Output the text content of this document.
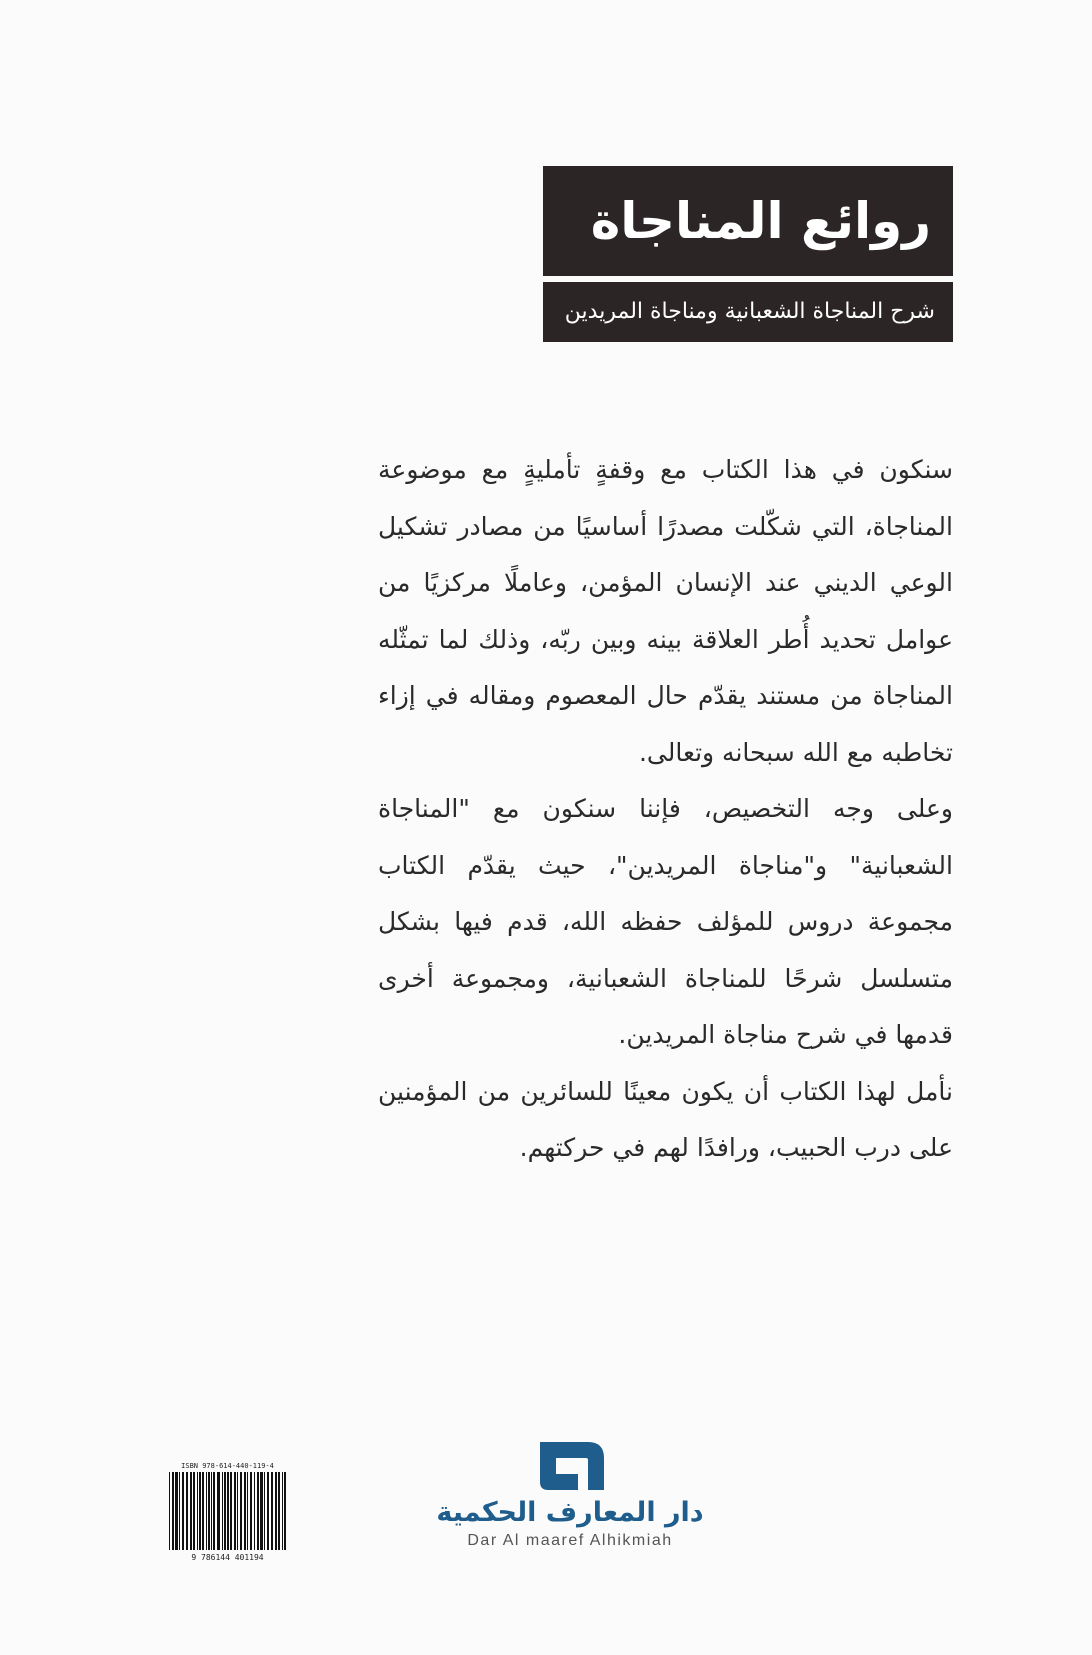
روائع المناجاة
شرح المناجاة الشعبانية ومناجاة المريدين

سنكون في هذا الكتاب مع وقفةٍ تأمليةٍ مع موضوعة المناجاة، التي شكّلت مصدرًا أساسيًا من مصادر تشكيل الوعي الديني عند الإنسان المؤمن، وعاملًا مركزيًا من عوامل تحديد أُطر العلاقة بينه وبين ربّه، وذلك لما تمثّله المناجاة من مستند يقدّم حال المعصوم ومقاله في إزاء تخاطبه مع الله سبحانه وتعالى.

وعلى وجه التخصيص، فإننا سنكون مع "المناجاة الشعبانية" و"مناجاة المريدين"، حيث يقدّم الكتاب مجموعة دروس للمؤلف حفظه الله، قدم فيها بشكل متسلسل شرحًا للمناجاة الشعبانية، ومجموعة أخرى قدمها في شرح مناجاة المريدين.

نأمل لهذا الكتاب أن يكون معينًا للسائرين من المؤمنين على درب الحبيب، ورافدًا لهم في حركتهم.

ISBN 978-614-440-119-4
9 786144 401194
دار المعارف الحكمية
Dar Al maaref Alhikmiah
